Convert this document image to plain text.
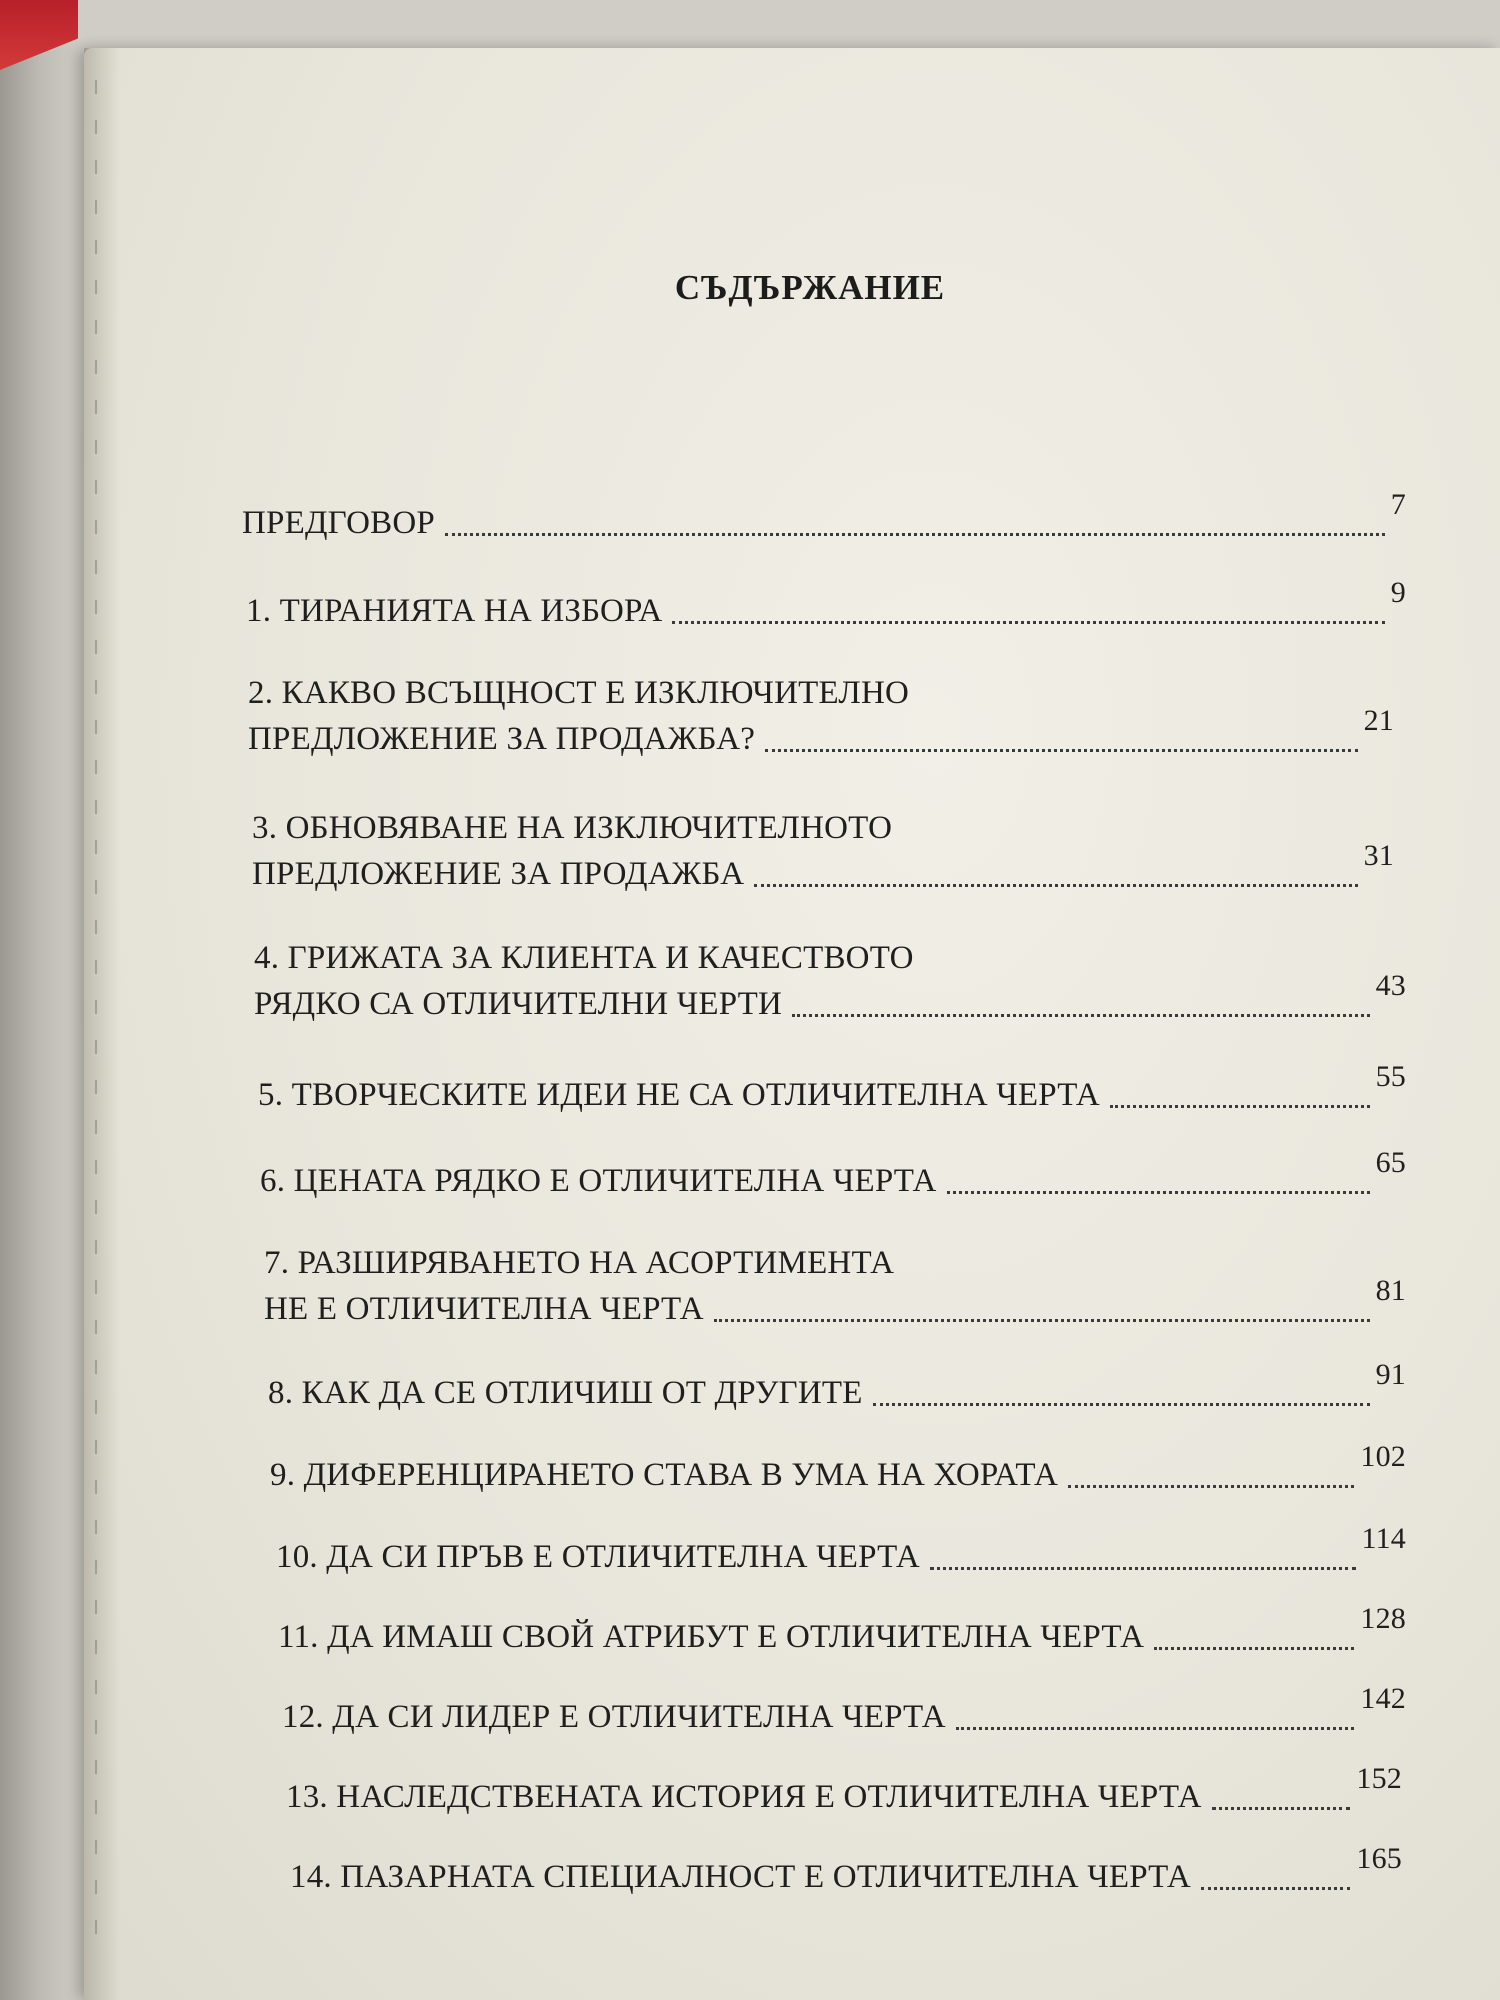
СЪДЪРЖАНИЕ
ПРЕДГОВОР
7
1. ТИРАНИЯТА НА ИЗБОРА
9
2. КАКВО ВСЪЩНОСТ Е ИЗКЛЮЧИТЕЛНО
ПРЕДЛОЖЕНИЕ ЗА ПРОДАЖБА?
21
3. ОБНОВЯВАНЕ НА ИЗКЛЮЧИТЕЛНОТО
ПРЕДЛОЖЕНИЕ ЗА ПРОДАЖБА
31
4. ГРИЖАТА ЗА КЛИЕНТА И КАЧЕСТВОТО
РЯДКО СА ОТЛИЧИТЕЛНИ ЧЕРТИ
43
5. ТВОРЧЕСКИТЕ ИДЕИ НЕ СА ОТЛИЧИТЕЛНА ЧЕРТА
55
6. ЦЕНАТА РЯДКО Е ОТЛИЧИТЕЛНА ЧЕРТА
65
7. РАЗШИРЯВАНЕТО НА АСОРТИМЕНТА
НЕ Е ОТЛИЧИТЕЛНА ЧЕРТА
81
8. КАК ДА СЕ ОТЛИЧИШ ОТ ДРУГИТЕ
91
9. ДИФЕРЕНЦИРАНЕТО СТАВА В УМА НА ХОРАТА
102
10. ДА СИ ПРЪВ Е ОТЛИЧИТЕЛНА ЧЕРТА
114
11. ДА ИМАШ СВОЙ АТРИБУТ Е ОТЛИЧИТЕЛНА ЧЕРТА
128
12. ДА СИ ЛИДЕР Е ОТЛИЧИТЕЛНА ЧЕРТА
142
13. НАСЛЕДСТВЕНАТА ИСТОРИЯ Е ОТЛИЧИТЕЛНА ЧЕРТА
152
14. ПАЗАРНАТА СПЕЦИАЛНОСТ Е ОТЛИЧИТЕЛНА ЧЕРТА
165
